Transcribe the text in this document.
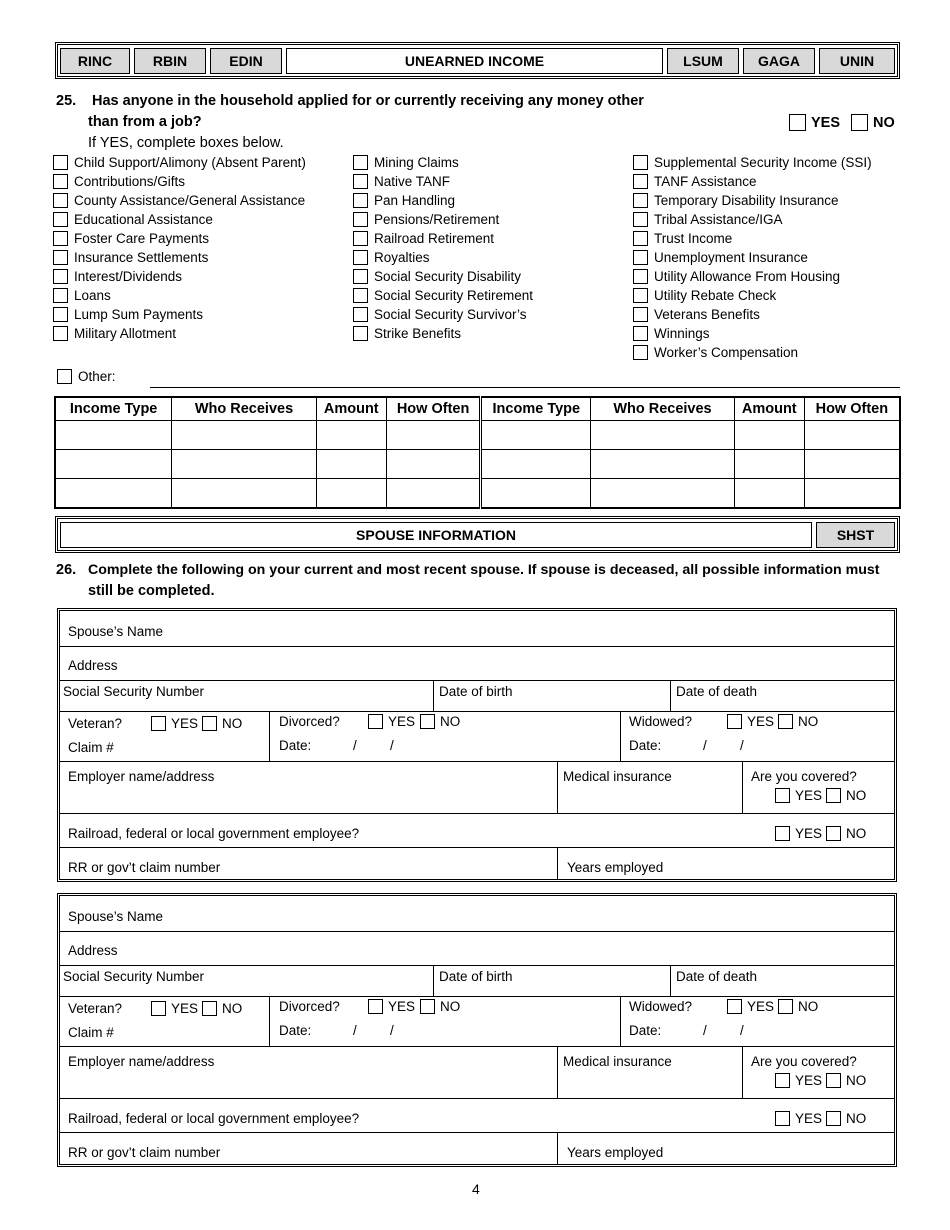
RINC	RBIN	EDIN	UNEARNED INCOME	LSUM	GAGA	UNIN
25. Has anyone in the household applied for or currently receiving any money other
than from a job?
If YES, complete boxes below.
YES NO
Child Support/Alimony (Absent Parent)
Contributions/Gifts
County Assistance/General Assistance
Educational Assistance
Foster Care Payments
Insurance Settlements
Interest/Dividends
Loans
Lump Sum Payments
Military Allotment
Mining Claims
Native TANF
Pan Handling
Pensions/Retirement
Railroad Retirement
Royalties
Social Security Disability
Social Security Retirement
Social Security Survivor’s
Strike Benefits
Supplemental Security Income (SSI)
TANF Assistance
Temporary Disability Insurance
Tribal Assistance/IGA
Trust Income
Unemployment Insurance
Utility Allowance From Housing
Utility Rebate Check
Veterans Benefits
Winnings
Worker’s Compensation
Other:
Income Type	Who Receives	Amount	How Often	Income Type	Who Receives	Amount	How Often

SPOUSE INFORMATION	SHST
26. Complete the following on your current and most recent spouse. If spouse is deceased, all possible information must
still be completed.
Spouse’s Name
Address
Social Security Number	Date of birth	Date of death
Veteran?	YES NO
Claim #
Divorced?	YES NO
Date:	/ /
Widowed?	YES NO
Date:	/ /
Employer name/address	Medical insurance	Are you covered?
YES NO
Railroad, federal or local government employee?	YES NO
RR or gov’t claim number	Years employed
Spouse’s Name
Address
Social Security Number	Date of birth	Date of death
Veteran?	YES NO
Claim #
Divorced?	YES NO
Date:	/ /
Widowed?	YES NO
Date:	/ /
Employer name/address	Medical insurance	Are you covered?
YES NO
Railroad, federal or local government employee?	YES NO
RR or gov’t claim number	Years employed
4
